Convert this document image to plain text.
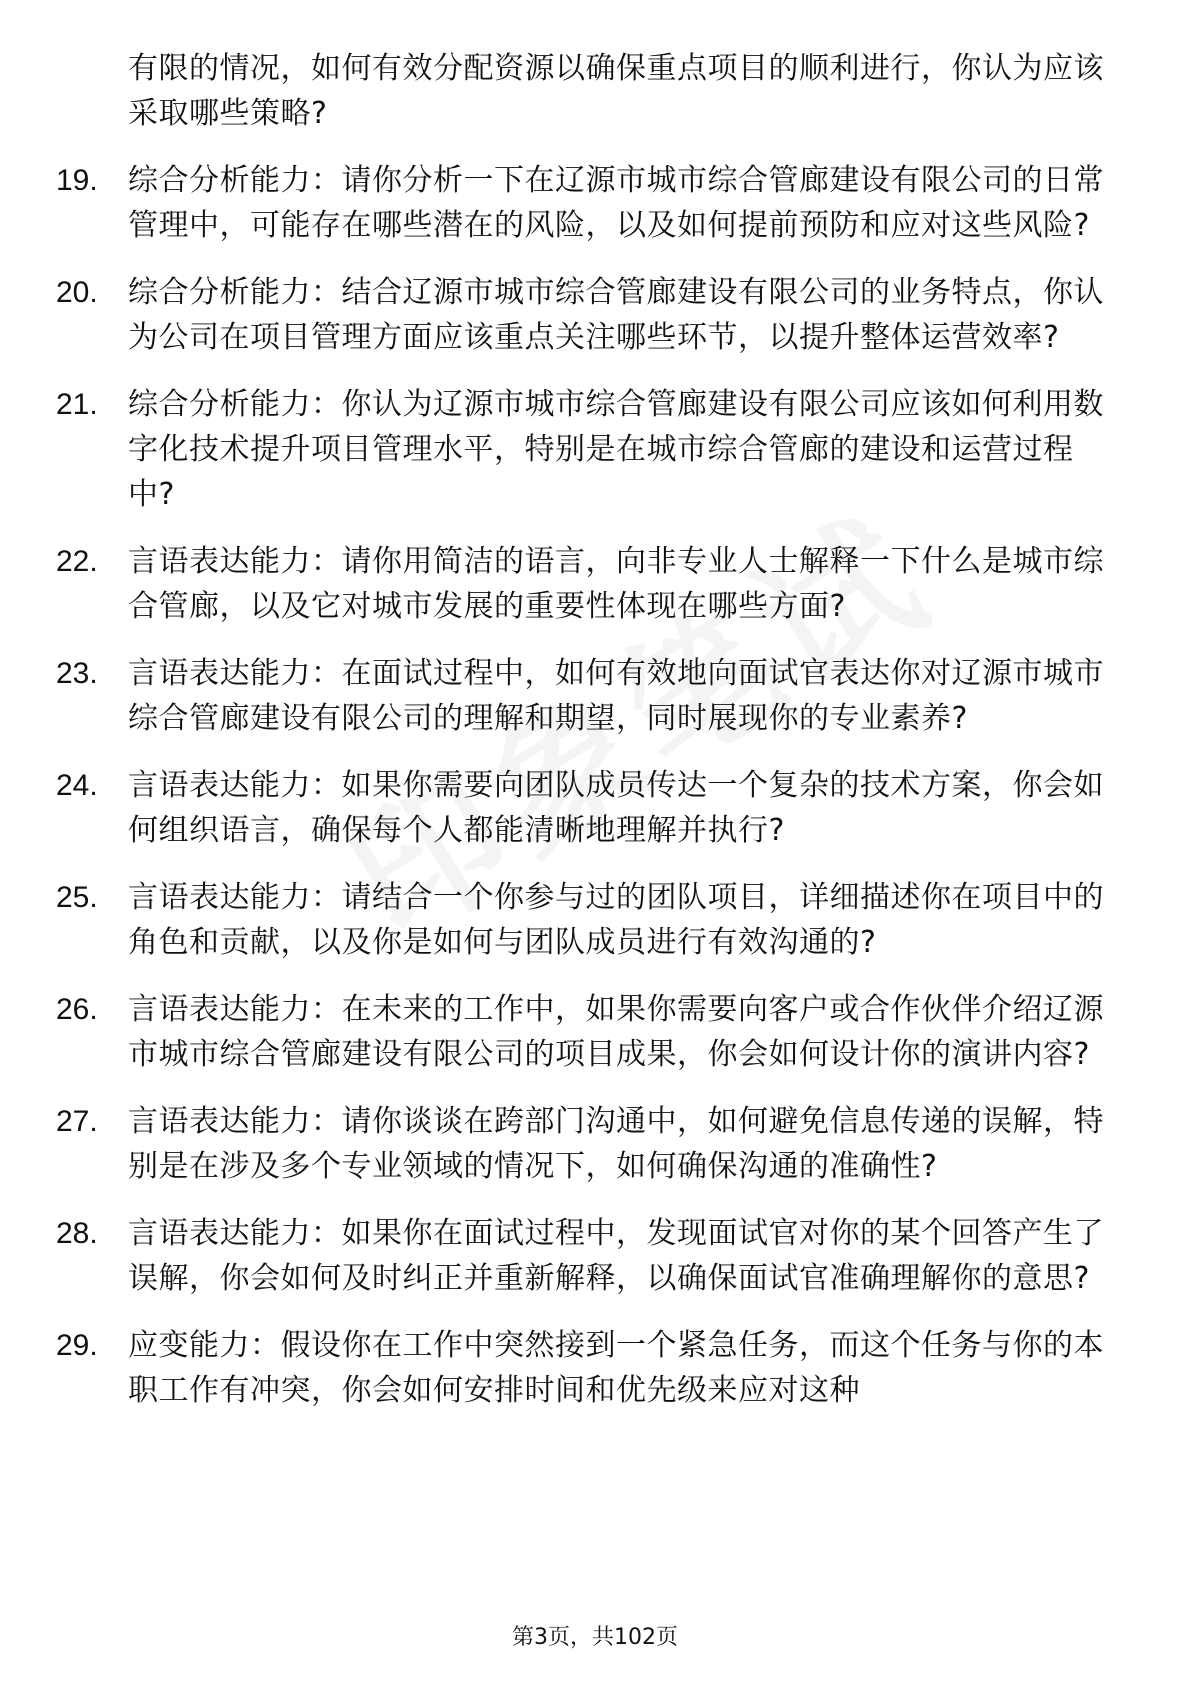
有限的情况，如何有效分配资源以确保重点项目的顺利进行，你认为应该采取哪些策略?
19.	综合分析能力：请你分析一下在辽源市城市综合管廊建设有限公司的日常管理中，可能存在哪些潜在的风险，以及如何提前预防和应对这些风险?
20.	综合分析能力：结合辽源市城市综合管廊建设有限公司的业务特点，你认为公司在项目管理方面应该重点关注哪些环节，以提升整体运营效率?
21.	综合分析能力：你认为辽源市城市综合管廊建设有限公司应该如何利用数字化技术提升项目管理水平，特别是在城市综合管廊的建设和运营过程中?
22.	言语表达能力：请你用简洁的语言，向非专业人士解释一下什么是城市综合管廊，以及它对城市发展的重要性体现在哪些方面?
23.	言语表达能力：在面试过程中，如何有效地向面试官表达你对辽源市城市综合管廊建设有限公司的理解和期望，同时展现你的专业素养?
24.	言语表达能力：如果你需要向团队成员传达一个复杂的技术方案，你会如何组织语言，确保每个人都能清晰地理解并执行?
25.	言语表达能力：请结合一个你参与过的团队项目，详细描述你在项目中的角色和贡献，以及你是如何与团队成员进行有效沟通的?
26.	言语表达能力：在未来的工作中，如果你需要向客户或合作伙伴介绍辽源市城市综合管廊建设有限公司的项目成果，你会如何设计你的演讲内容?
27.	言语表达能力：请你谈谈在跨部门沟通中，如何避免信息传递的误解，特别是在涉及多个专业领域的情况下，如何确保沟通的准确性?
28.	言语表达能力：如果你在面试过程中，发现面试官对你的某个回答产生了误解，你会如何及时纠正并重新解释，以确保面试官准确理解你的意思?
29.	应变能力：假设你在工作中突然接到一个紧急任务，而这个任务与你的本职工作有冲突，你会如何安排时间和优先级来应对这种
第3页，共102页
